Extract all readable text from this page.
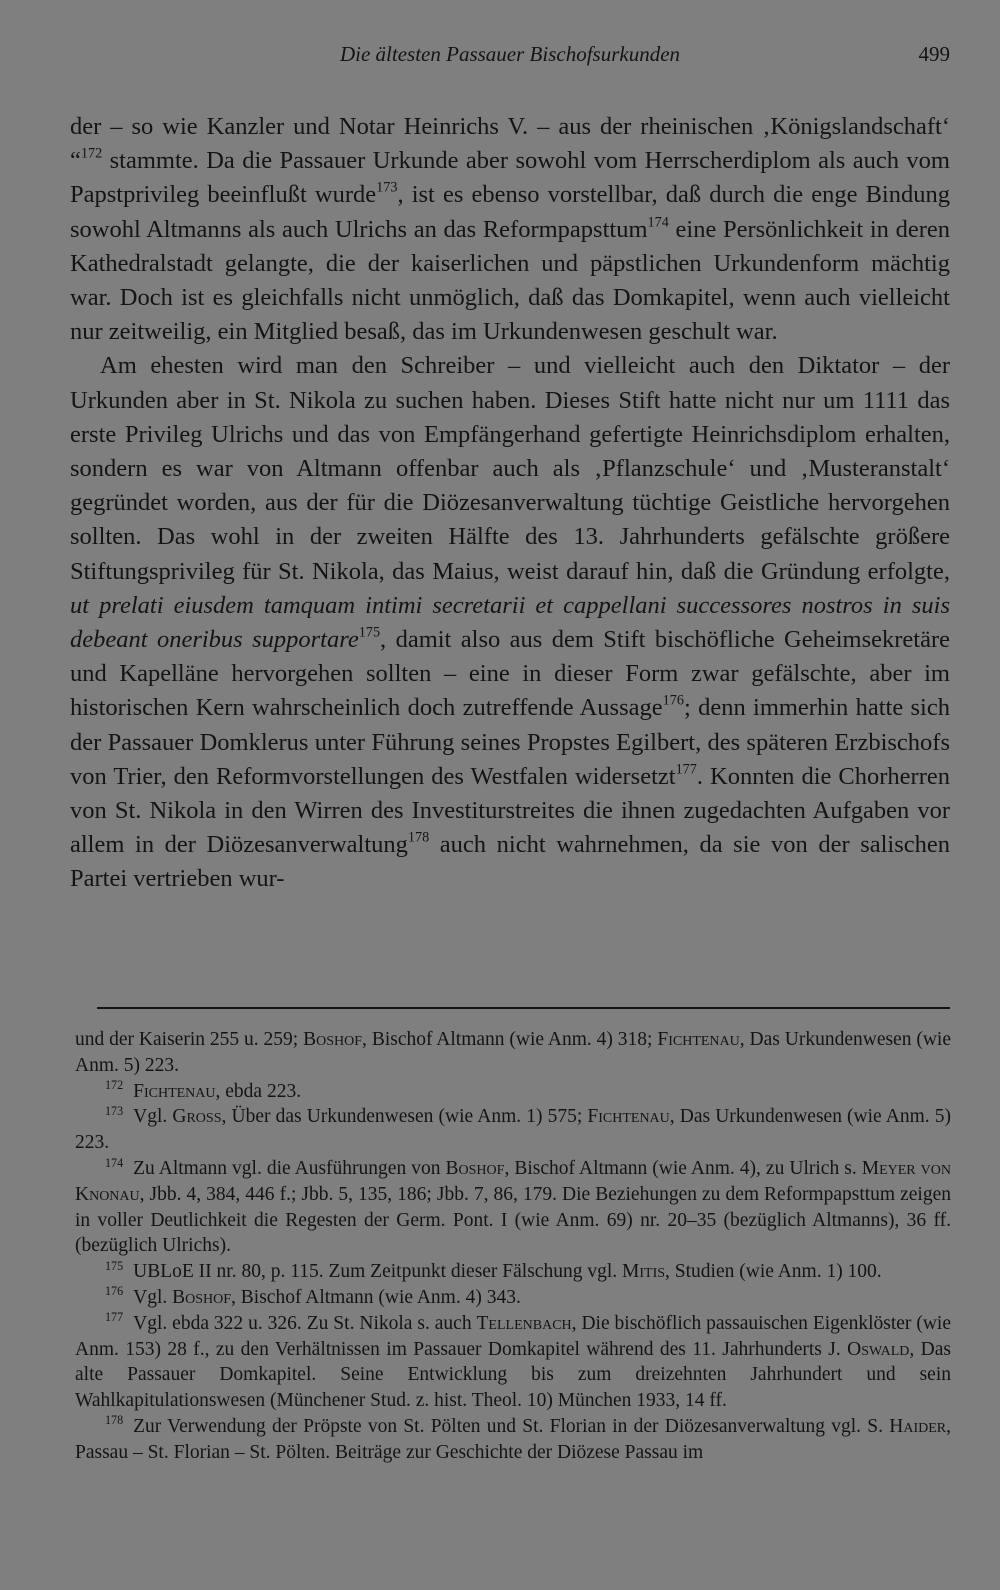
Die ältesten Passauer Bischofsurkunden	499

der – so wie Kanzler und Notar Heinrichs V. – aus der rheinischen ‚Königslandschaft‘ “$^{172}$ stammte. Da die Passauer Urkunde aber sowohl vom Herrscherdiplom als auch vom Papstprivileg beeinflußt wurde$^{173}$, ist es ebenso vorstellbar, daß durch die enge Bindung sowohl Altmanns als auch Ulrichs an das Reformpapsttum$^{174}$ eine Persönlichkeit in deren Kathedralstadt gelangte, die der kaiserlichen und päpstlichen Urkundenform mächtig war. Doch ist es gleichfalls nicht unmöglich, daß das Domkapitel, wenn auch vielleicht nur zeitweilig, ein Mitglied besaß, das im Urkundenwesen geschult war.

Am ehesten wird man den Schreiber – und vielleicht auch den Diktator – der Urkunden aber in St. Nikola zu suchen haben. Dieses Stift hatte nicht nur um 1111 das erste Privileg Ulrichs und das von Empfängerhand gefertigte Heinrichsdiplom erhalten, sondern es war von Altmann offenbar auch als ‚Pflanzschule‘ und ‚Musteranstalt‘ gegründet worden, aus der für die Diözesanverwaltung tüchtige Geistliche hervorgehen sollten. Das wohl in der zweiten Hälfte des 13. Jahrhunderts gefälschte größere Stiftungsprivileg für St. Nikola, das Maius, weist darauf hin, daß die Gründung erfolgte, ut prelati eiusdem tamquam intimi secretarii et cappellani successores nostros in suis debeant oneribus supportare$^{175}$, damit also aus dem Stift bischöfliche Geheimsekretäre und Kapelläne hervorgehen sollten – eine in dieser Form zwar gefälschte, aber im historischen Kern wahrscheinlich doch zutreffende Aussage$^{176}$; denn immerhin hatte sich der Passauer Domklerus unter Führung seines Propstes Egilbert, des späteren Erzbischofs von Trier, den Reformvorstellungen des Westfalen widersetzt$^{177}$. Konnten die Chorherren von St. Nikola in den Wirren des Investiturstreites die ihnen zugedachten Aufgaben vor allem in der Diözesanverwaltung$^{178}$ auch nicht wahrnehmen, da sie von der salischen Partei vertrieben wur-

und der Kaiserin 255 u. 259; Boshof, Bischof Altmann (wie Anm. 4) 318; Fichtenau, Das Urkundenwesen (wie Anm. 5) 223.

$^{172}$ Fichtenau, ebda 223.

$^{173}$ Vgl. Gross, Über das Urkundenwesen (wie Anm. 1) 575; Fichtenau, Das Urkundenwesen (wie Anm. 5) 223.

$^{174}$ Zu Altmann vgl. die Ausführungen von Boshof, Bischof Altmann (wie Anm. 4), zu Ulrich s. Meyer von Knonau, Jbb. 4, 384, 446 f.; Jbb. 5, 135, 186; Jbb. 7, 86, 179. Die Beziehungen zu dem Reformpapsttum zeigen in voller Deutlichkeit die Regesten der Germ. Pont. I (wie Anm. 69) nr. 20–35 (bezüglich Altmanns), 36 ff. (bezüglich Ulrichs).

$^{175}$ UBLoE II nr. 80, p. 115. Zum Zeitpunkt dieser Fälschung vgl. Mitis, Studien (wie Anm. 1) 100.

$^{176}$ Vgl. Boshof, Bischof Altmann (wie Anm. 4) 343.

$^{177}$ Vgl. ebda 322 u. 326. Zu St. Nikola s. auch Tellenbach, Die bischöflich passauischen Eigenklöster (wie Anm. 153) 28 f., zu den Verhältnissen im Passauer Domkapitel während des 11. Jahrhunderts J. Oswald, Das alte Passauer Domkapitel. Seine Entwicklung bis zum dreizehnten Jahrhundert und sein Wahlkapitulationswesen (Münchener Stud. z. hist. Theol. 10) München 1933, 14 ff.

$^{178}$ Zur Verwendung der Pröpste von St. Pölten und St. Florian in der Diözesanverwaltung vgl. S. Haider, Passau – St. Florian – St. Pölten. Beiträge zur Geschichte der Diözese Passau im
